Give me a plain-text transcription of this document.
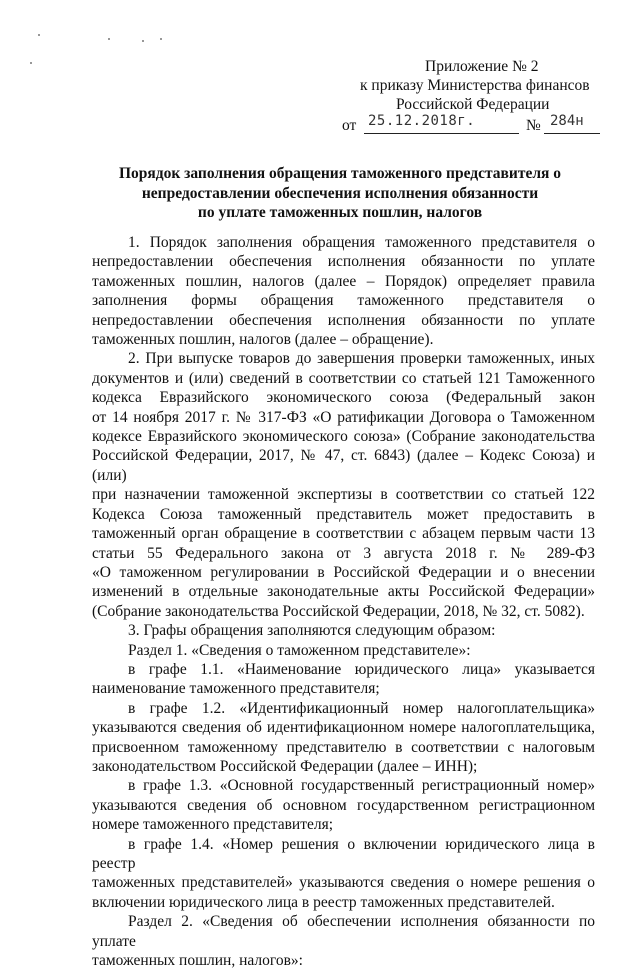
Приложение № 2
к приказу Министерства финансов
Российской Федерации
от 25.12.2018г.	№ 284н
Порядок заполнения обращения таможенного представителя о
непредоставлении обеспечения исполнения обязанности
по уплате таможенных пошлин, налогов
1. Порядок заполнения обращения таможенного представителя о
непредоставлении обеспечения исполнения обязанности по уплате
таможенных пошлин, налогов (далее – Порядок) определяет правила
заполнения формы обращения таможенного представителя о
непредоставлении обеспечения исполнения обязанности по уплате
таможенных пошлин, налогов (далее – обращение).
2. При выпуске товаров до завершения проверки таможенных, иных
документов и (или) сведений в соответствии со статьей 121 Таможенного
кодекса Евразийского экономического союза (Федеральный закон
от 14 ноября 2017 г. № 317-ФЗ «О ратификации Договора о Таможенном
кодексе Евразийского экономического союза» (Собрание законодательства
Российской Федерации, 2017, № 47, ст. 6843) (далее – Кодекс Союза) и (или)
при назначении таможенной экспертизы в соответствии со статьей 122
Кодекса Союза таможенный представитель может предоставить в
таможенный орган обращение в соответствии с абзацем первым части 13
статьи 55 Федерального закона от 3 августа 2018 г. № 289-ФЗ
«О таможенном регулировании в Российской Федерации и о внесении
изменений в отдельные законодательные акты Российской Федерации»
(Собрание законодательства Российской Федерации, 2018, № 32, ст. 5082).
3. Графы обращения заполняются следующим образом:
Раздел 1. «Сведения о таможенном представителе»:
в графе 1.1. «Наименование юридического лица» указывается
наименование таможенного представителя;
в графе 1.2. «Идентификационный номер налогоплательщика»
указываются сведения об идентификационном номере налогоплательщика,
присвоенном таможенному представителю в соответствии с налоговым
законодательством Российской Федерации (далее – ИНН);
в графе 1.3. «Основной государственный регистрационный номер»
указываются сведения об основном государственном регистрационном
номере таможенного представителя;
в графе 1.4. «Номер решения о включении юридического лица в реестр
таможенных представителей» указываются сведения о номере решения о
включении юридического лица в реестр таможенных представителей.
Раздел 2. «Сведения об обеспечении исполнения обязанности по уплате
таможенных пошлин, налогов»:
